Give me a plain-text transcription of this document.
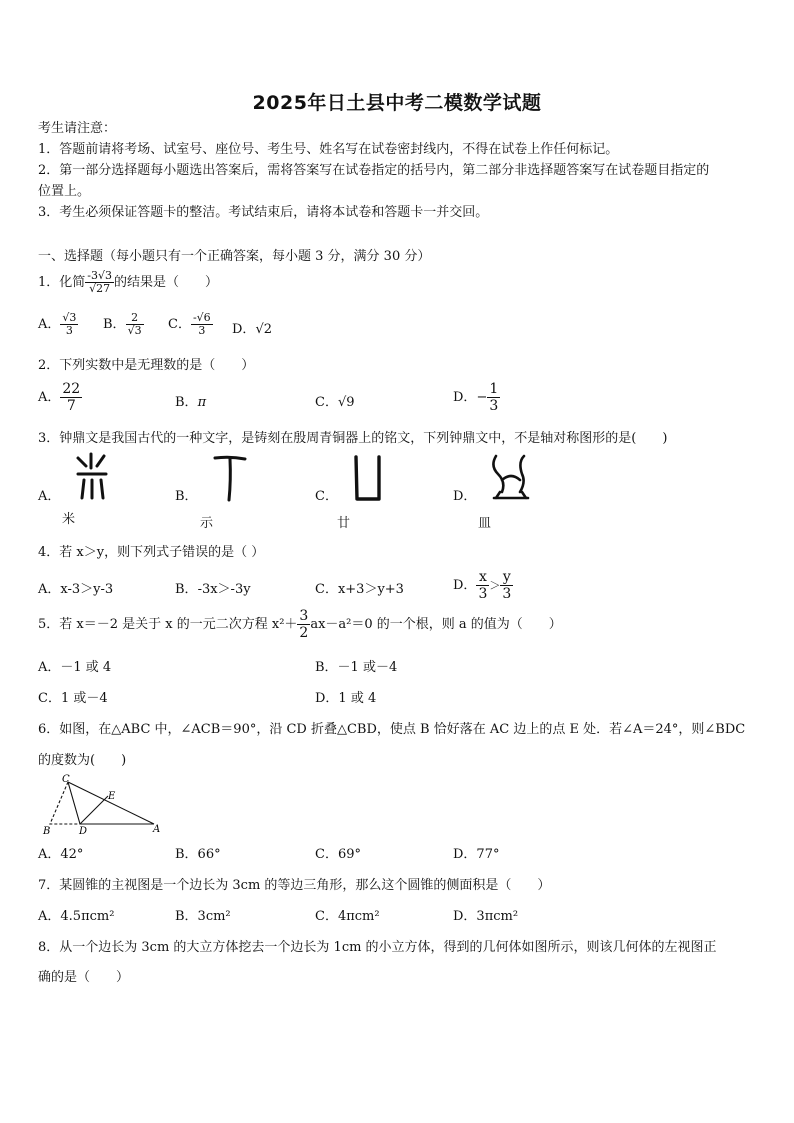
2025年日土县中考二模数学试题
考生请注意：
1．答题前请将考场、试室号、座位号、考生号、姓名写在试卷密封线内，不得在试卷上作任何标记。
2．第一部分选择题每小题选出答案后，需将答案写在试卷指定的括号内，第二部分非选择题答案写在试卷题目指定的
位置上。
3．考生必须保证答题卡的整洁。考试结束后，请将本试卷和答题卡一并交回。
一、选择题（每小题只有一个正确答案，每小题 3 分，满分 30 分）
1．化简 $\frac{-3√3}{√27}$ 的结果是（　　）
A． $\frac{√3}{3}$ B． $\frac{2}{√3}$ C． $\frac{-√6}{3}$ D．√2
2．下列实数中是无理数的是（　　）
A． $\frac{22}{7}$	B．π	C．√9	D．− $\frac{1}{3}$
3．钟鼎文是我国古代的一种文字，是铸刻在殷周青铜器上的铭文，下列钟鼎文中，不是轴对称图形的是(　　)
A．
米
B．
示
C．
廿
D．
皿
4．若 x＞y，则下列式子错误的是（ ）
A．x-3＞y-3	B．-3x＞-3y	C．x+3＞y+3	D． $\frac{x}{3} > \frac{y}{3}$
5．若 x＝－2 是关于 x 的一元二次方程 $x^2+ \frac{3}{2} ax-a^2=0$ 的一个根，则 a 的值为（　　）
A．－1 或 4	B．－1 或－4
C．1 或－4	D．1 或 4
6．如图，在△ABC 中，∠ACB＝90°，沿 CD 折叠△CBD，使点 B 恰好落在 AC 边上的点 E 处．若∠A＝24°，则∠BDC
的度数为(　　)
C
E
B	D	A
A．42°	B．66°	C．69°	D．77°
7．某圆锥的主视图是一个边长为 3cm 的等边三角形，那么这个圆锥的侧面积是（　　）
A．4.5πcm²	B．3cm²	C．4πcm²	D．3πcm²
8．从一个边长为 3cm 的大立方体挖去一个边长为 1cm 的小立方体，得到的几何体如图所示，则该几何体的左视图正
确的是（　　）
